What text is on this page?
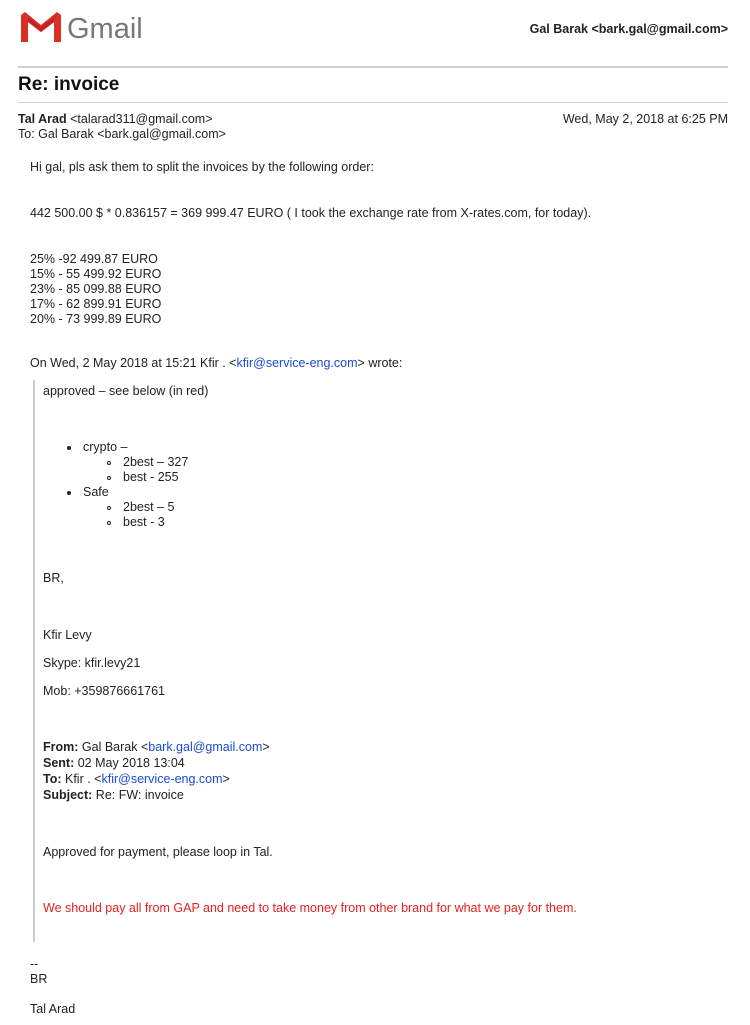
Gmail	Gal Barak <bark.gal@gmail.com>
Re: invoice
Tal Arad <talarad311@gmail.com>
To: Gal Barak <bark.gal@gmail.com>
Wed, May 2, 2018 at 6:25 PM
Hi gal, pls ask them to split the invoices by the following order:
442 500.00 $ * 0.836157 = 369 999.47 EURO ( I took the exchange rate from X-rates.com, for today).
25% -92 499.87 EURO
15% - 55 499.92 EURO
23% - 85 099.88 EURO
17% - 62 899.91 EURO
20% - 73 999.89 EURO
On Wed, 2 May 2018 at 15:21 Kfir . <kfir@service-eng.com> wrote:
approved – see below (in red)
crypto –
2best – 327
best - 255
Safe
2best – 5
best - 3
BR,
Kfir Levy
Skype: kfir.levy21
Mob: +359876661761
From: Gal Barak <bark.gal@gmail.com>
Sent: 02 May 2018 13:04
To: Kfir . <kfir@service-eng.com>
Subject: Re: FW: invoice
Approved for payment, please loop in Tal.
We should pay all from GAP and need to take money from other brand for what we pay for them.
--
BR
Tal Arad
